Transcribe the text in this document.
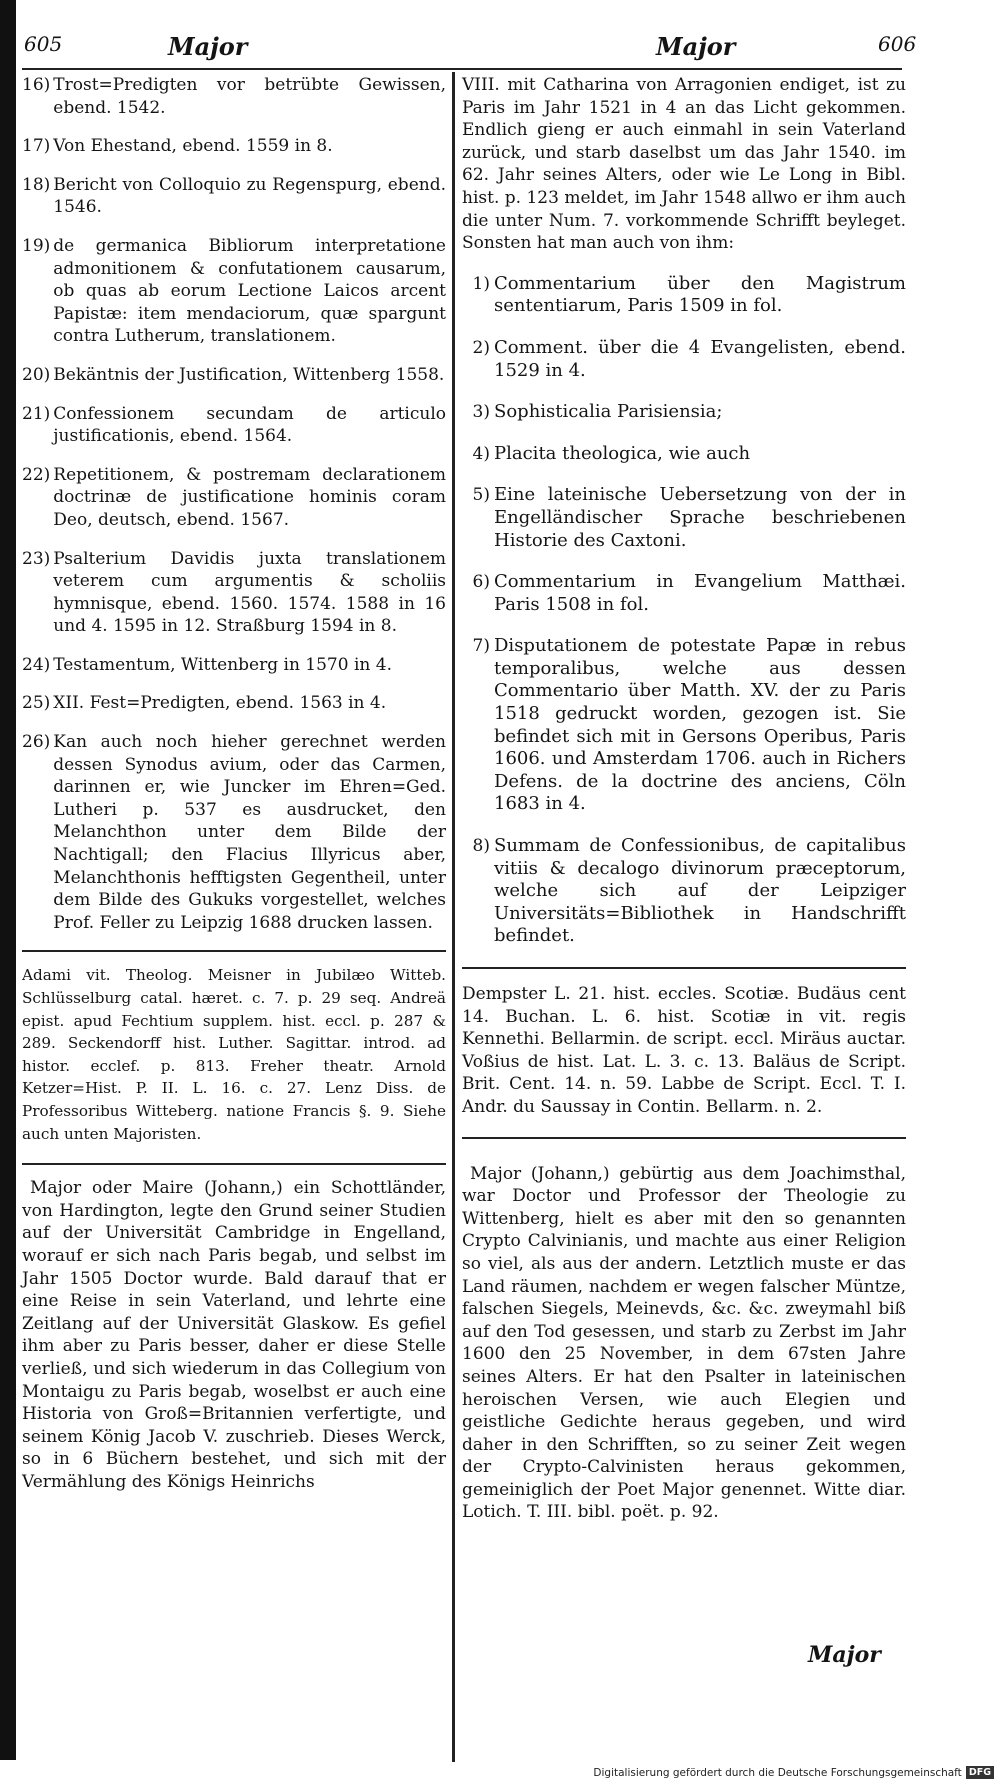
605	Major	Major	606
16) Trost=Predigten vor betrübte Gewissen, ebend. 1542.
17) Von Ehestand, ebend. 1559 in 8.
18) Bericht von Colloquio zu Regenspurg, ebend. 1546.
19) de germanica Bibliorum interpretatione admonitionem & confutationem causarum, ob quas ab eorum Lectione Laicos arcent Papistæ: item mendaciorum, quæ spargunt contra Lutherum, translationem.
20) Bekäntnis der Justification, Wittenberg 1558.
21) Confessionem secundam de articulo justificationis, ebend. 1564.
22) Repetitionem, & postremam declarationem doctrinæ de justificatione hominis coram Deo, deutsch, ebend. 1567.
23) Psalterium Davidis juxta translationem veterem cum argumentis & scholiis hymnisque, ebend. 1560. 1574. 1588 in 16 und 4. 1595 in 12. Straßburg 1594 in 8.
24) Testamentum, Wittenberg in 1570 in 4.
25) XII. Fest=Predigten, ebend. 1563 in 4.
26) Kan auch noch hieher gerechnet werden dessen Synodus avium, oder das Carmen, darinnen er, wie Juncker im Ehren=Ged. Lutheri p. 537 es ausdrucket, den Melanchthon unter dem Bilde der Nachtigall; den Flacius Illyricus aber, Melanchthonis hefftigsten Gegentheil, unter dem Bilde des Gukuks vorgestellet, welches Prof. Feller zu Leipzig 1688 drucken lassen.

Adami vit. Theolog. Meisner in Jubilæo Witteb. Schlüsselburg catal. hæret. c. 7. p. 29 seq. Andreä epist. apud Fechtium supplem. hist. eccl. p. 287 & 289. Seckendorff hist. Luther. Sagittar. introd. ad histor. ecclef. p. 813. Freher theatr. Arnold Ketzer=Hist. P. II. L. 16. c. 27. Lenz Diss. de Professoribus Witteberg. natione Francis §. 9. Siehe auch unten Majoristen.

Major oder Maire (Johann,) ein Schottländer, von Hardington, legte den Grund seiner Studien auf der Universität Cambridge in Engelland, worauf er sich nach Paris begab, und selbst im Jahr 1505 Doctor wurde. Bald darauf that er eine Reise in sein Vaterland, und lehrte eine Zeitlang auf der Universität Glaskow. Es gefiel ihm aber zu Paris besser, daher er diese Stelle verließ, und sich wiederum in das Collegium von Montaigu zu Paris begab, woselbst er auch eine Historia von Groß=Britannien verfertigte, und seinem König Jacob V. zuschrieb. Dieses Werck, so in 6 Büchern bestehet, und sich mit der Vermählung des Königs Heinrichs

VIII. mit Catharina von Arragonien endiget, ist zu Paris im Jahr 1521 in 4 an das Licht gekommen. Endlich gieng er auch einmahl in sein Vaterland zurück, und starb daselbst um das Jahr 1540. im 62. Jahr seines Alters, oder wie Le Long in Bibl. hist. p. 123 meldet, im Jahr 1548 allwo er ihm auch die unter Num. 7. vorkommende Schrifft beyleget. Sonsten hat man auch von ihm:

1) Commentarium über den Magistrum sententiarum, Paris 1509 in fol.
2) Comment. über die 4 Evangelisten, ebend. 1529 in 4.
3) Sophisticalia Parisiensia;
4) Placita theologica, wie auch
5) Eine lateinische Uebersetzung von der in Engelländischer Sprache beschriebenen Historie des Caxtoni.
6) Commentarium in Evangelium Matthæi. Paris 1508 in fol.
7) Disputationem de potestate Papæ in rebus temporalibus, welche aus dessen Commentario über Matth. XV. der zu Paris 1518 gedruckt worden, gezogen ist. Sie befindet sich mit in Gersons Operibus, Paris 1606. und Amsterdam 1706. auch in Richers Defens. de la doctrine des anciens, Cöln 1683 in 4.
8) Summam de Confessionibus, de capitalibus vitiis & decalogo divinorum præceptorum, welche sich auf der Leipziger Universitäts=Bibliothek in Handschrifft befindet.

Dempster L. 21. hist. eccles. Scotiæ. Budäus cent 14. Buchan. L. 6. hist. Scotiæ in vit. regis Kennethi. Bellarmin. de script. eccl. Miräus auctar. Voßius de hist. Lat. L. 3. c. 13. Baläus de Script. Brit. Cent. 14. n. 59. Labbe de Script. Eccl. T. I. Andr. du Saussay in Contin. Bellarm. n. 2.

Major (Johann,) gebürtig aus dem Joachimsthal, war Doctor und Professor der Theologie zu Wittenberg, hielt es aber mit den so genannten Crypto Calvinianis, und machte aus einer Religion so viel, als aus der andern. Letztlich muste er das Land räumen, nachdem er wegen falscher Müntze, falschen Siegels, Meinevds, &c. &c. zweymahl biß auf den Tod gesessen, und starb zu Zerbst im Jahr 1600 den 25 November, in dem 67sten Jahre seines Alters. Er hat den Psalter in lateinischen heroischen Versen, wie auch Elegien und geistliche Gedichte heraus gegeben, und wird daher in den Schrifften, so zu seiner Zeit wegen der Crypto-Calvinisten heraus gekommen, gemeiniglich der Poet Major genennet. Witte diar. Lotich. T. III. bibl. poët. p. 92.

Major
Digitalisierung gefördert durch die Deutsche Forschungsgemeinschaft DFG
